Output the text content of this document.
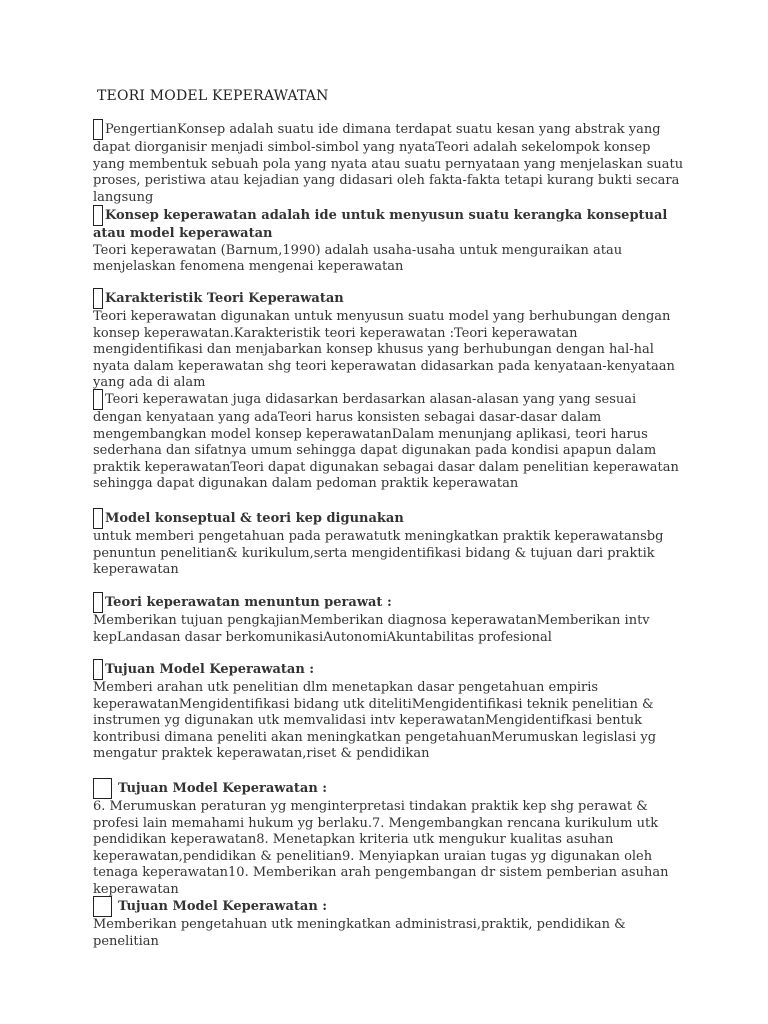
TEORI MODEL KEPERAWATAN
PengertianKonsep adalah suatu ide dimana terdapat suatu kesan yang abstrak yang dapat diorganisir menjadi simbol-simbol yang nyataTeori adalah sekelompok konsep yang membentuk sebuah pola yang nyata atau suatu pernyataan yang menjelaskan suatu proses, peristiwa atau kejadian yang didasari oleh fakta-fakta tetapi kurang bukti secara langsung
Konsep keperawatan adalah ide untuk menyusun suatu kerangka konseptual atau model keperawatan
Teori keperawatan (Barnum,1990) adalah usaha-usaha untuk menguraikan atau menjelaskan fenomena mengenai keperawatan
Karakteristik Teori Keperawatan
Teori keperawatan digunakan untuk menyusun suatu model yang berhubungan dengan konsep keperawatan.Karakteristik teori keperawatan :Teori keperawatan mengidentifikasi dan menjabarkan konsep khusus yang berhubungan dengan hal-hal nyata dalam keperawatan shg teori keperawatan didasarkan pada kenyataan-kenyataan yang ada di alam
Teori keperawatan juga didasarkan berdasarkan alasan-alasan yang yang sesuai dengan kenyataan yang adaTeori harus konsisten sebagai dasar-dasar dalam mengembangkan model konsep keperawatanDalam menunjang aplikasi, teori harus sederhana dan sifatnya umum sehingga dapat digunakan pada kondisi apapun dalam praktik keperawatanTeori dapat digunakan sebagai dasar dalam penelitian keperawatan sehingga dapat digunakan dalam pedoman praktik keperawatan
Model konseptual & teori kep digunakan
untuk memberi pengetahuan pada perawatutk meningkatkan praktik keperawatansbg penuntun penelitian& kurikulum,serta mengidentifikasi bidang & tujuan dari praktik keperawatan
Teori keperawatan menuntun perawat :
Memberikan tujuan pengkajianMemberikan diagnosa keperawatanMemberikan intv kepLandasan dasar berkomunikasiAutonomiAkuntabilitas profesional
Tujuan Model Keperawatan :
Memberi arahan utk penelitian dlm menetapkan dasar pengetahuan empiris keperawatanMengidentifikasi bidang utk ditelitiMengidentifikasi teknik penelitian & instrumen yg digunakan utk memvalidasi intv keperawatanMengidentifkasi bentuk kontribusi dimana peneliti akan meningkatkan pengetahuanMerumuskan legislasi yg mengatur praktek keperawatan,riset & pendidikan
Tujuan Model Keperawatan :
6. Merumuskan peraturan yg menginterpretasi tindakan praktik kep shg perawat & profesi lain memahami hukum yg berlaku.7. Mengembangkan rencana kurikulum utk pendidikan keperawatan8. Menetapkan kriteria utk mengukur kualitas asuhan keperawatan,pendidikan & penelitian9. Menyiapkan uraian tugas yg digunakan oleh tenaga keperawatan10. Memberikan arah pengembangan dr sistem pemberian asuhan keperawatan
Tujuan Model Keperawatan :
Memberikan pengetahuan utk meningkatkan administrasi,praktik, pendidikan & penelitian
